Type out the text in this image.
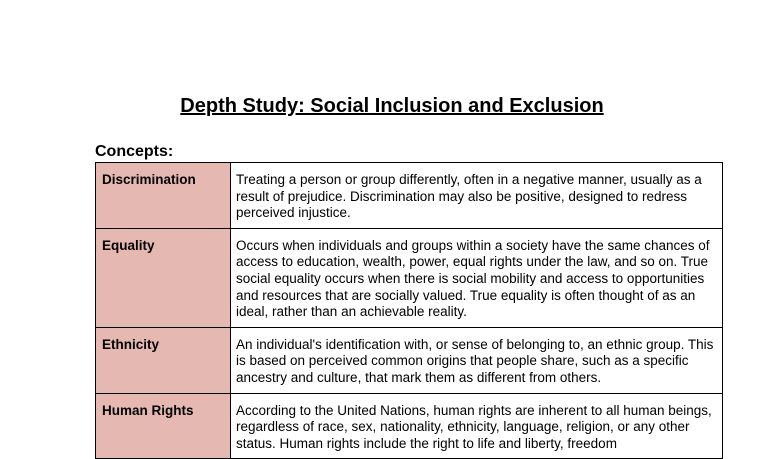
Depth Study: Social Inclusion and Exclusion
Concepts:
Discrimination	Treating a person or group differently, often in a negative manner, usually as a result of prejudice. Discrimination may also be positive, designed to redress perceived injustice.

Equality	Occurs when individuals and groups within a society have the same chances of access to education, wealth, power, equal rights under the law, and so on. True social equality occurs when there is social mobility and access to opportunities and resources that are socially valued. True equality is often thought of as an ideal, rather than an achievable reality.

Ethnicity	An individual's identification with, or sense of belonging to, an ethnic group. This is based on perceived common origins that people share, such as a specific ancestry and culture, that mark them as different from others.

Human Rights	According to the United Nations, human rights are inherent to all human beings, regardless of race, sex, nationality, ethnicity, language, religion, or any other status. Human rights include the right to life and liberty, freedom
